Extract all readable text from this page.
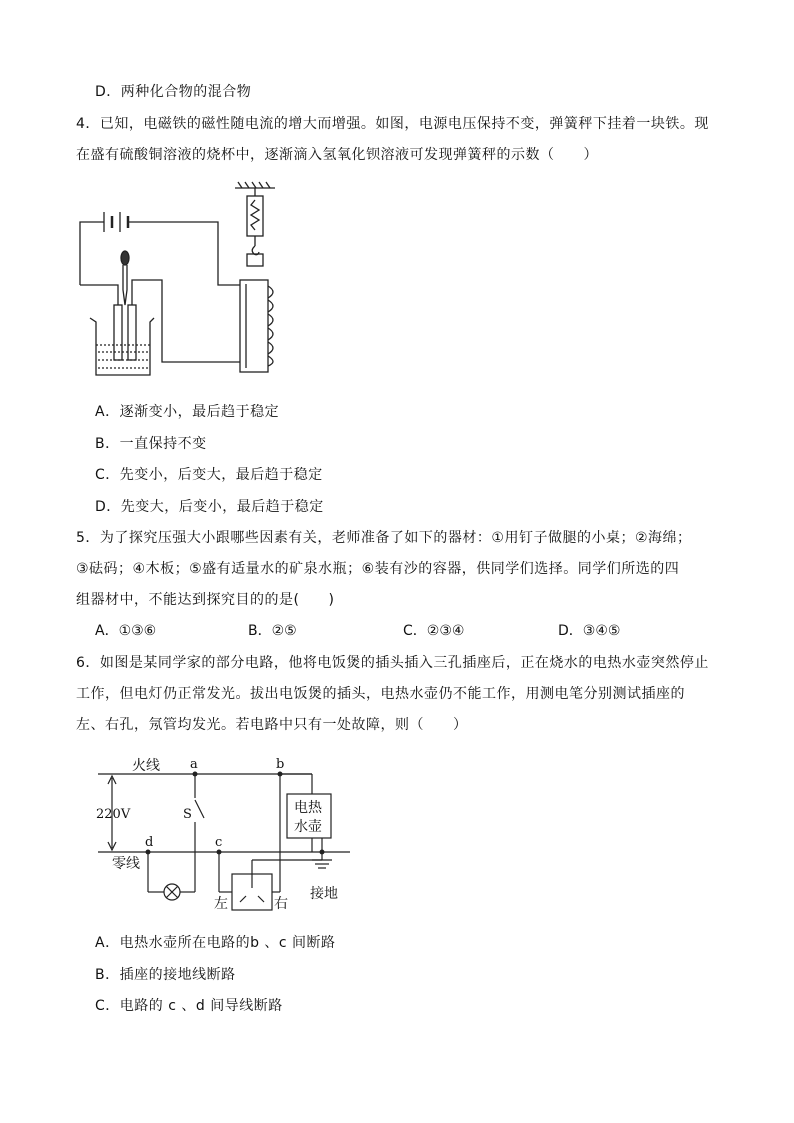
D．两种化合物的混合物
4．已知，电磁铁的磁性随电流的增大而增强。如图，电源电压保持不变，弹簧秤下挂着一块铁。现
在盛有硫酸铜溶液的烧杯中，逐渐滴入氢氧化钡溶液可发现弹簧秤的示数（　　）
A．逐渐变小，最后趋于稳定
B．一直保持不变
C．先变小，后变大，最后趋于稳定
D．先变大，后变小，最后趋于稳定
5．为了探究压强大小跟哪些因素有关，老师准备了如下的器材：①用钉子做腿的小桌；②海绵；
③砝码；④木板；⑤盛有适量水的矿泉水瓶；⑥装有沙的容器，供同学们选择。同学们所选的四
组器材中，不能达到探究目的的是(　　)
A．①③⑥	B．②⑤	C．②③④	D．③④⑤
6．如图是某同学家的部分电路，他将电饭煲的插头插入三孔插座后，正在烧水的电热水壶突然停止
工作，但电灯仍正常发光。拔出电饭煲的插头，电热水壶仍不能工作，用测电笔分别测试插座的
左、右孔，氖管均发光。若电路中只有一处故障，则（　　）
火线
零线
220V
a	b
c
d
S	电热
水壶
左	右
接地
A．电热水壶所在电路的b 、c 间断路
B．插座的接地线断路
C．电路的 c 、d 间导线断路
